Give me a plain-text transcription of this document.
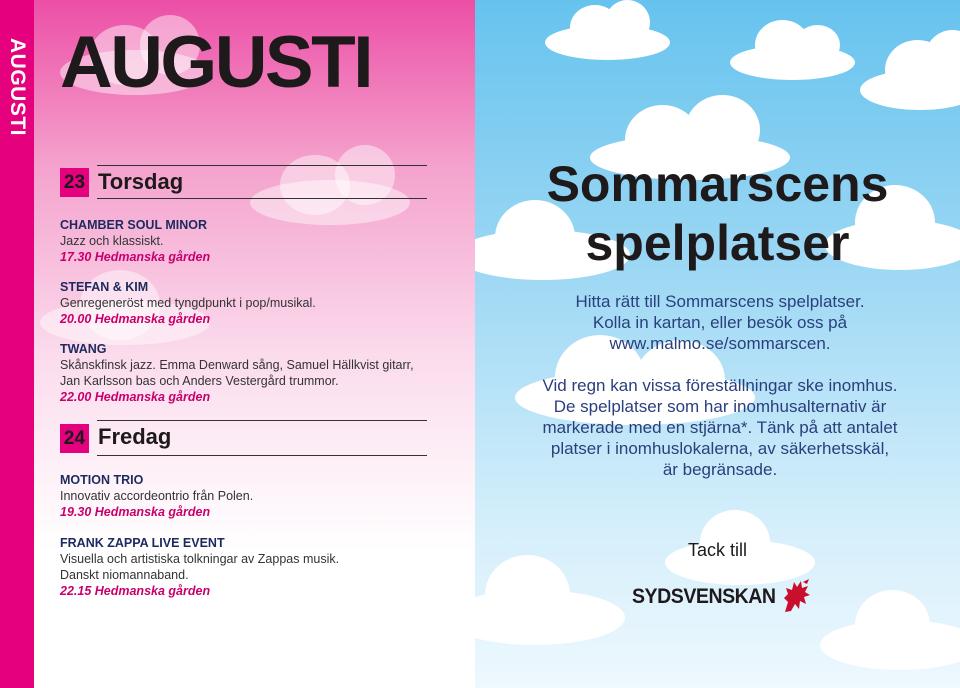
AUGUSTI AUGUSTI
23 Torsdag
CHAMBER SOUL MINOR
Jazz och klassiskt.
17.30 Hedmanska gården
STEFAN & KIM
Genregeneröst med tyngdpunkt i pop/musikal.
20.00 Hedmanska gården
TWANG
Skånskfinsk jazz. Emma Denward sång, Samuel Hällkvist gitarr,
Jan Karlsson bas och Anders Vestergård trummor.
22.00 Hedmanska gården
24 Fredag
MOTION TRIO
Innovativ accordeontrio från Polen.
19.30 Hedmanska gården
FRANK ZAPPA LIVE EVENT
Visuella och artistiska tolkningar av Zappas musik.
Danskt niomannaband.
22.15 Hedmanska gården
Sommarscens
spelplatser
Hitta rätt till Sommarscens spelplatser.
Kolla in kartan, eller besök oss på
www.malmo.se/sommarscen.
Vid regn kan vissa föreställningar ske inomhus.
De spelplatser som har inomhusalternativ är
markerade med en stjärna*. Tänk på att antalet
platser i inomhuslokalerna, av säkerhetsskäl,
är begränsade.
Tack till
SYDSVENSKAN
